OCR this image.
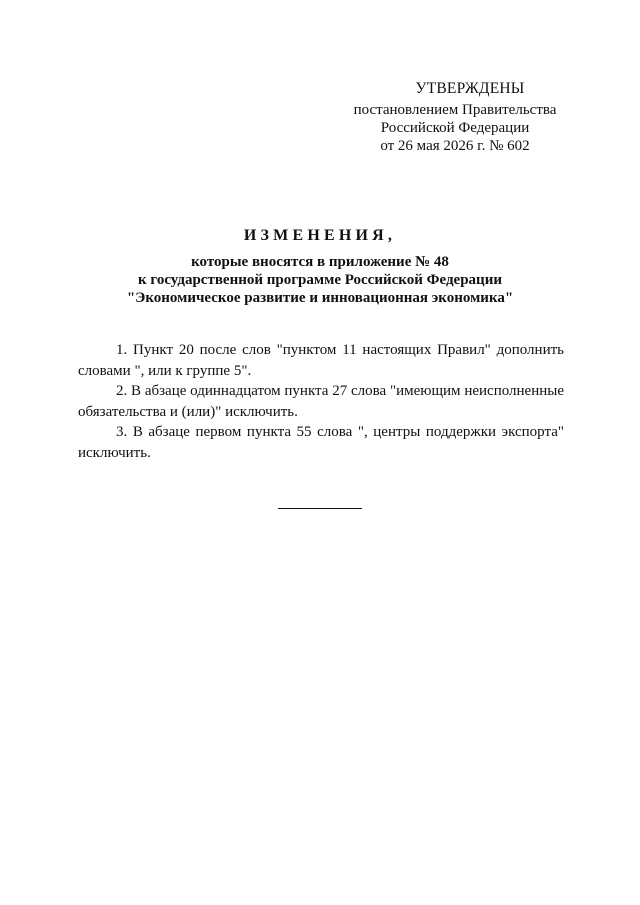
УТВЕРЖДЕНЫ
постановлением Правительства
Российской Федерации
от 26 мая 2026 г. № 602
ИЗМЕНЕНИЯ,
которые вносятся в приложение № 48
к государственной программе Российской Федерации
"Экономическое развитие и инновационная экономика"

1. Пункт 20 после слов "пунктом 11 настоящих Правил" дополнить словами ", или к группе 5".

2. В абзаце одиннадцатом пункта 27 слова "имеющим неисполненные обязательства и (или)" исключить.

3. В абзаце первом пункта 55 слова ", центры поддержки экспорта" исключить.
